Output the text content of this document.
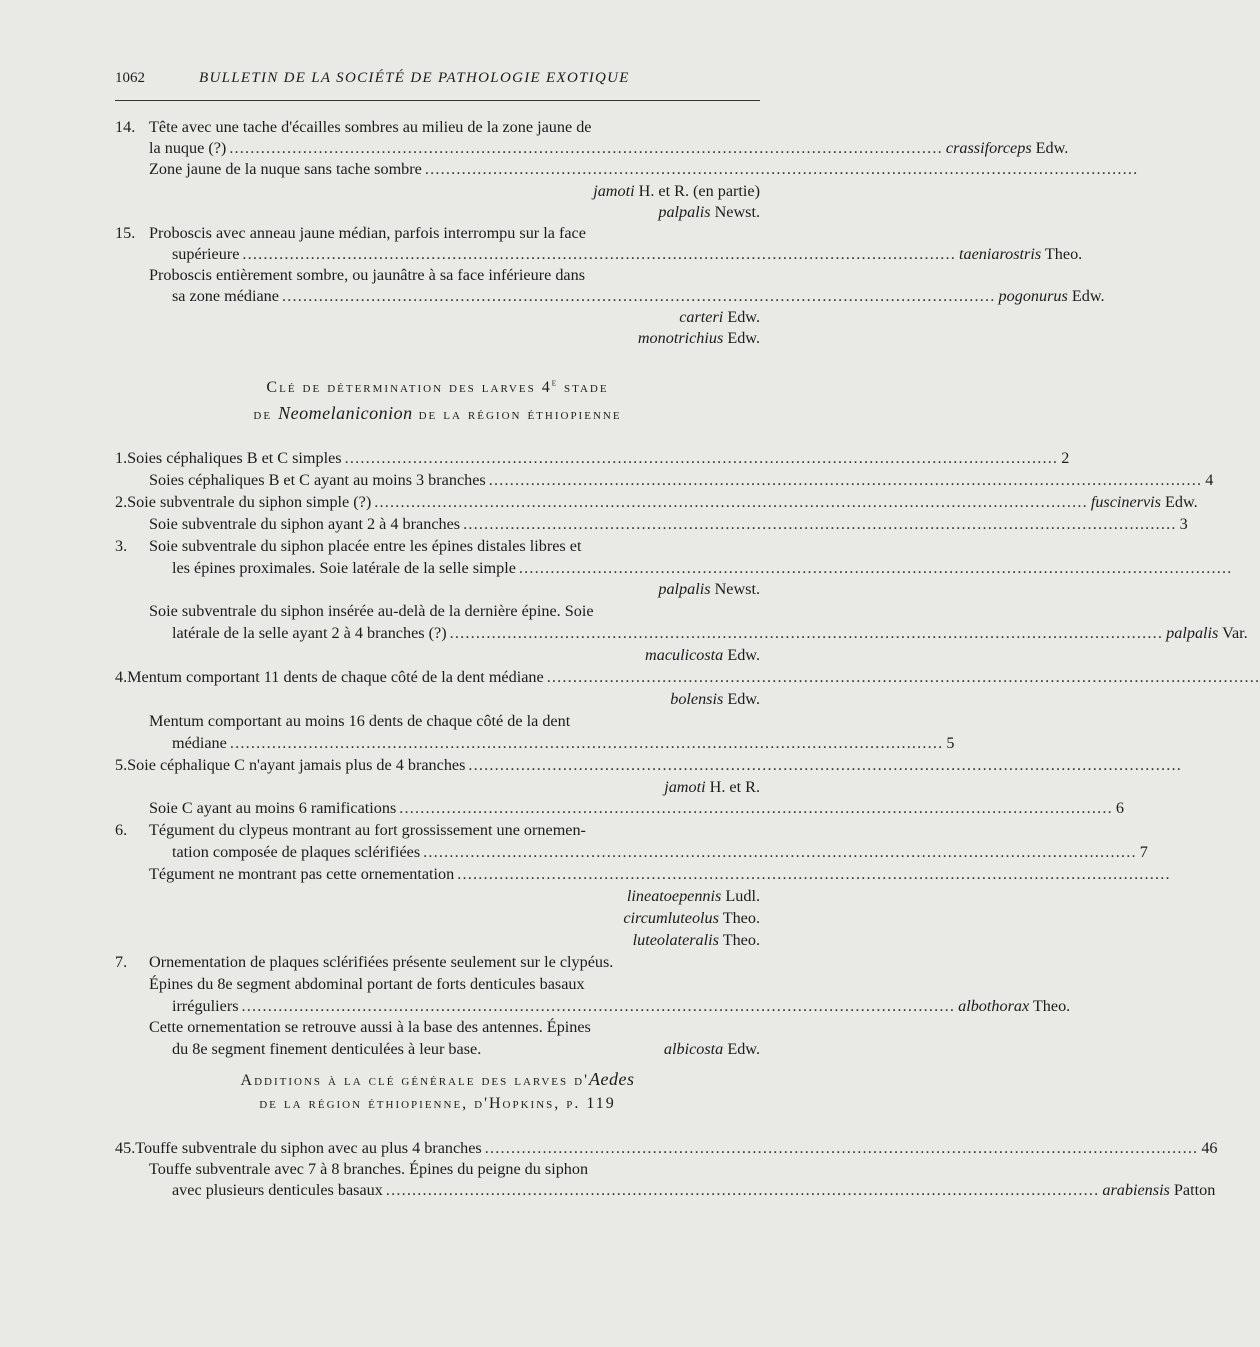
1062	BULLETIN DE LA SOCIÉTÉ DE PATHOLOGIE EXOTIQUE
14. Tête avec une tache d'écailles sombres au milieu de la zone jaune de
la nuque (?) ........................................................................................................................................ crassiforceps Edw.
Zone jaune de la nuque sans tache sombre ........................................................................................................................................
jamoti H. et R. (en partie)
palpalis Newst.
15. Proboscis avec anneau jaune médian, parfois interrompu sur la face
supérieure ........................................................................................................................................ taeniarostris Theo.
Proboscis entièrement sombre, ou jaunâtre à sa face inférieure dans
sa zone médiane ........................................................................................................................................ pogonurus Edw.
carteri Edw.
monotrichius Edw.
Clé de détermination des larves 4e stade
de Neomelaniconion de la région éthiopienne
1. Soies céphaliques B et C simples ........................................................................................................................................ 2
Soies céphaliques B et C ayant au moins 3 branches ........................................................................................................................................ 4
2. Soie subventrale du siphon simple (?) ........................................................................................................................................ fuscinervis Edw.
Soie subventrale du siphon ayant 2 à 4 branches ........................................................................................................................................ 3
3.	Soie subventrale du siphon placée entre les épines distales libres et
les épines proximales. Soie latérale de la selle simple ........................................................................................................................................
palpalis Newst.
Soie subventrale du siphon insérée au-delà de la dernière épine. Soie
latérale de la selle ayant 2 à 4 branches (?) ........................................................................................................................................ palpalis Var.
maculicosta Edw.
4. Mentum comportant 11 dents de chaque côté de la dent médiane ........................................................................................................................................
bolensis Edw.
Mentum comportant au moins 16 dents de chaque côté de la dent
médiane ........................................................................................................................................ 5
5. Soie céphalique C n'ayant jamais plus de 4 branches ........................................................................................................................................
jamoti H. et R.
Soie C ayant au moins 6 ramifications ........................................................................................................................................ 6
6.	Tégument du clypeus montrant au fort grossissement une ornemen-
tation composée de plaques sclérifiées ........................................................................................................................................ 7
Tégument ne montrant pas cette ornementation ........................................................................................................................................
lineatoepennis Ludl.
circumluteolus Theo.
luteolateralis Theo.
7.	Ornementation de plaques sclérifiées présente seulement sur le clypéus.
Épines du 8e segment abdominal portant de forts denticules basaux
irréguliers ........................................................................................................................................ albothorax Theo.
Cette ornementation se retrouve aussi à la base des antennes. Épines
du 8e segment finement denticulées à leur base.	albicosta Edw.
Additions à la clé générale des larves d'Aedes
de la région éthiopienne, d'Hopkins, p. 119
45. Touffe subventrale du siphon avec au plus 4 branches ........................................................................................................................................ 46
Touffe subventrale avec 7 à 8 branches. Épines du peigne du siphon
avec plusieurs denticules basaux ........................................................................................................................................ arabiensis Patton
